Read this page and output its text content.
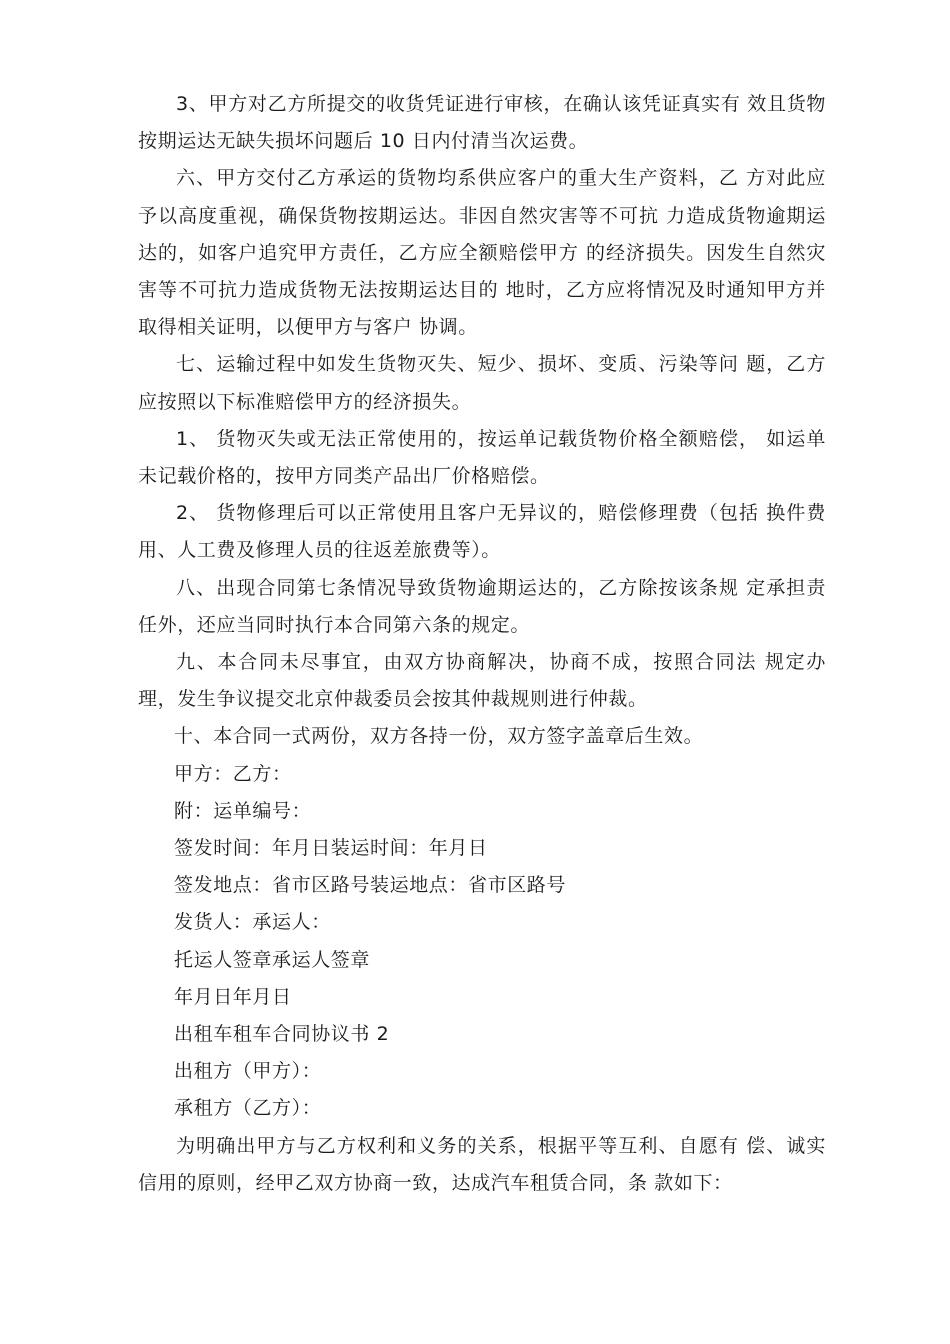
3、甲方对乙方所提交的收货凭证进行审核，在确认该凭证真实有 效且货物按期运达无缺失损坏问题后 10 日内付清当次运费。

六、甲方交付乙方承运的货物均系供应客户的重大生产资料，乙 方对此应予以高度重视，确保货物按期运达。非因自然灾害等不可抗 力造成货物逾期运达的，如客户追究甲方责任，乙方应全额赔偿甲方 的经济损失。因发生自然灾害等不可抗力造成货物无法按期运达目的 地时，乙方应将情况及时通知甲方并取得相关证明，以便甲方与客户 协调。

七、运输过程中如发生货物灭失、短少、损坏、变质、污染等问 题，乙方应按照以下标准赔偿甲方的经济损失。

1、 货物灭失或无法正常使用的，按运单记载货物价格全额赔偿， 如运单未记载价格的，按甲方同类产品出厂价格赔偿。

2、 货物修理后可以正常使用且客户无异议的，赔偿修理费（包括 换件费用、人工费及修理人员的往返差旅费等）。

八、出现合同第七条情况导致货物逾期运达的，乙方除按该条规 定承担责任外，还应当同时执行本合同第六条的规定。

九、本合同未尽事宜，由双方协商解决，协商不成，按照合同法 规定办理，发生争议提交北京仲裁委员会按其仲裁规则进行仲裁。

十、本合同一式两份，双方各持一份，双方签字盖章后生效。

甲方：乙方：

附：运单编号：

签发时间：年月日装运时间：年月日

签发地点：省市区路号装运地点：省市区路号

发货人：承运人：

托运人签章承运人签章

年月日年月日

出租车租车合同协议书 2

出租方（甲方）：

承租方（乙方）：

为明确出甲方与乙方权利和义务的关系，根据平等互利、自愿有 偿、诚实信用的原则，经甲乙双方协商一致，达成汽车租赁合同，条 款如下：
